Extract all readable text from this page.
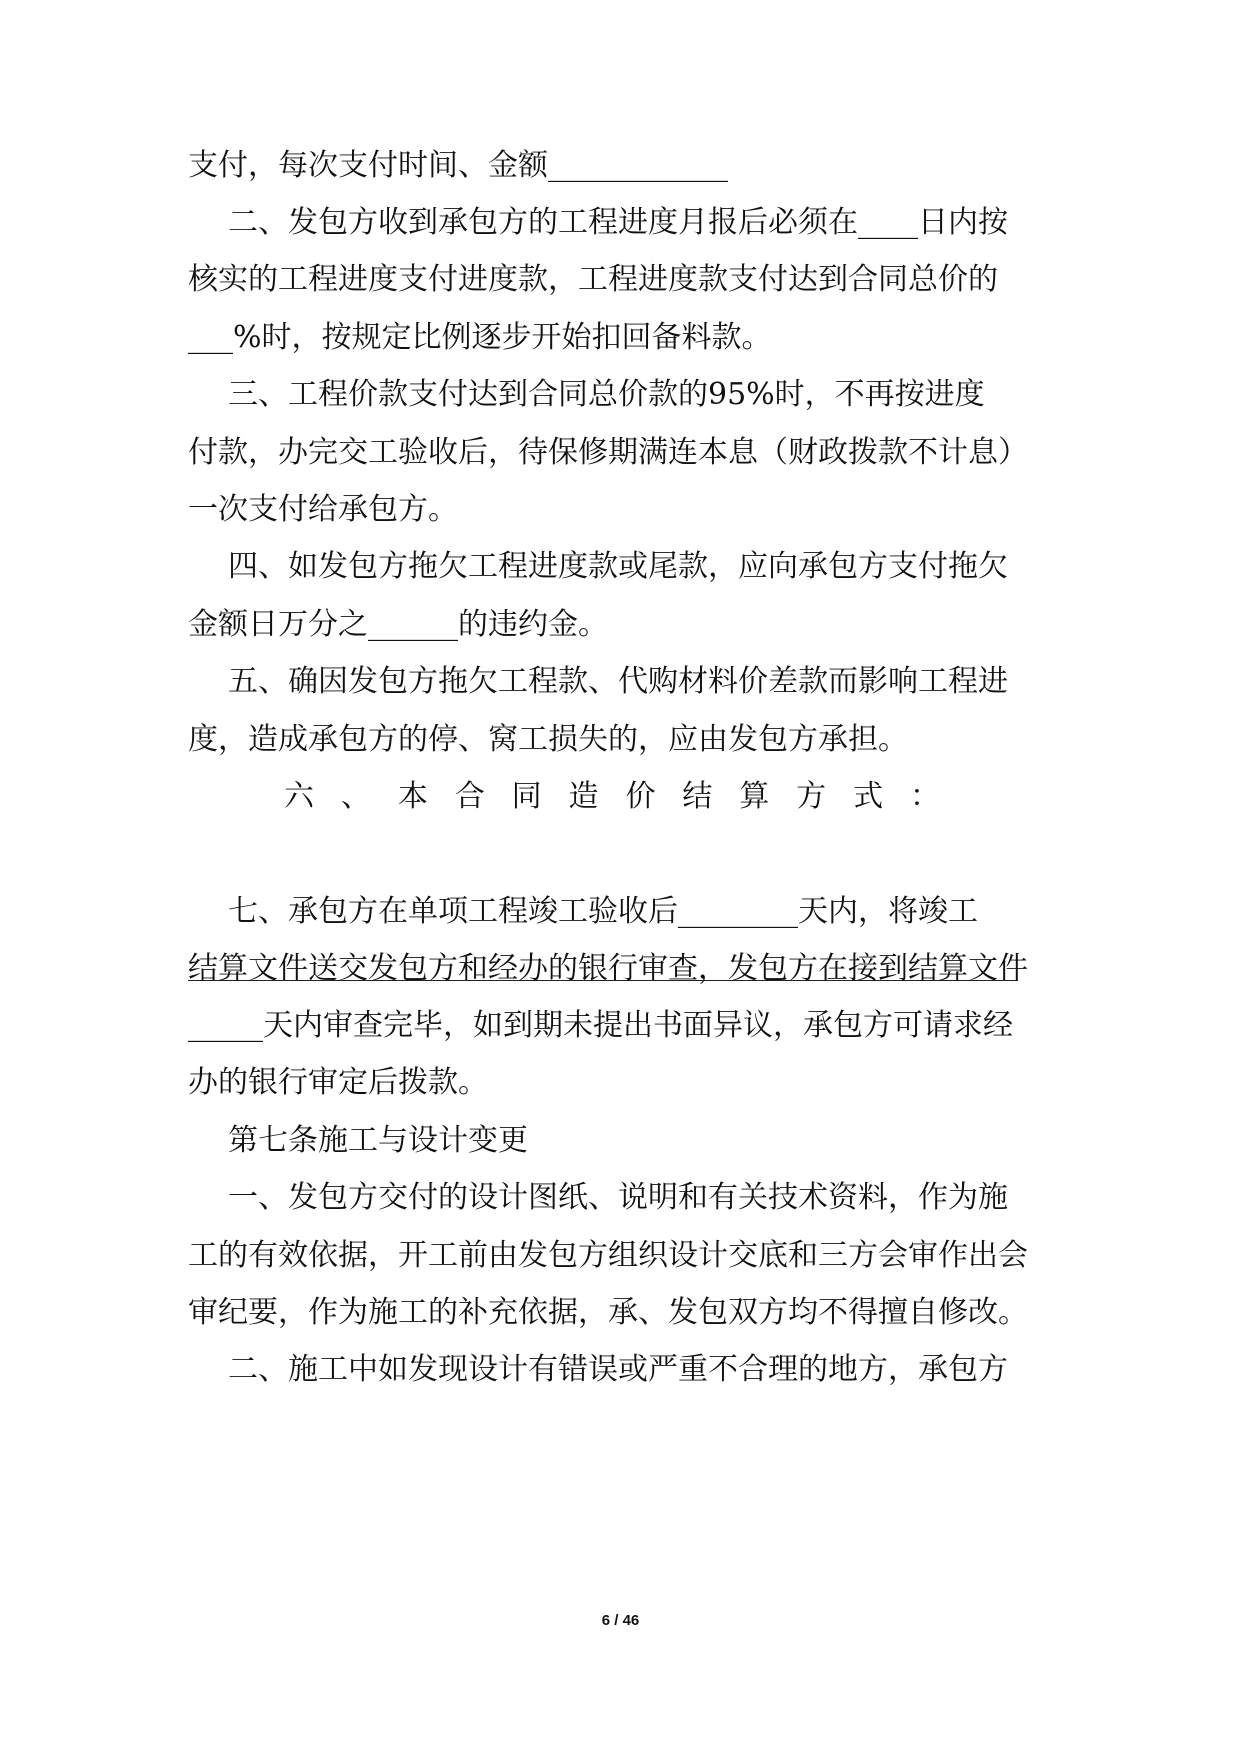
支付，每次支付时间、金额____________
二、发包方收到承包方的工程进度月报后必须在____日内按
核实的工程进度支付进度款，工程进度款支付达到合同总价的
___%时，按规定比例逐步开始扣回备料款。
三、工程价款支付达到合同总价款的95%时，不再按进度
付款，办完交工验收后，待保修期满连本息（财政拨款不计息）
一次支付给承包方。
四、如发包方拖欠工程进度款或尾款，应向承包方支付拖欠
金额日万分之______的违约金。
五、确因发包方拖欠工程款、代购材料价差款而影响工程进
度，造成承包方的停、窝工损失的，应由发包方承担。
六、本合同造价结算方式：
七、承包方在单项工程竣工验收后________天内，将竣工
结算文件送交发包方和经办的银行审查，发包方在接到结算文件
_____天内审查完毕，如到期未提出书面异议，承包方可请求经
办的银行审定后拨款。
第七条施工与设计变更
一、发包方交付的设计图纸、说明和有关技术资料，作为施
工的有效依据，开工前由发包方组织设计交底和三方会审作出会
审纪要，作为施工的补充依据，承、发包双方均不得擅自修改。
二、施工中如发现设计有错误或严重不合理的地方，承包方
6 / 46
